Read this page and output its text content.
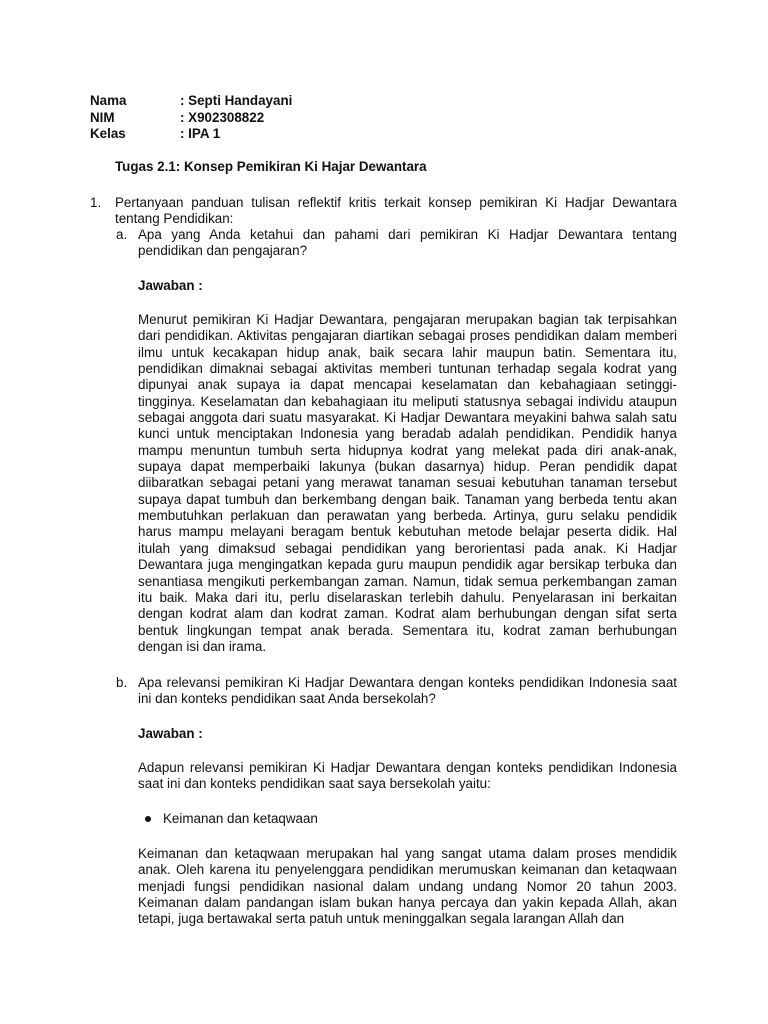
Nama	: Septi Handayani
NIM	: X902308822
Kelas	: IPA 1
Tugas 2.1: Konsep Pemikiran Ki Hajar Dewantara
1. Pertanyaan panduan tulisan reflektif kritis terkait konsep pemikiran Ki Hadjar Dewantara tentang Pendidikan:
a. Apa yang Anda ketahui dan pahami dari pemikiran Ki Hadjar Dewantara tentang pendidikan dan pengajaran?
Jawaban :
Menurut pemikiran Ki Hadjar Dewantara, pengajaran merupakan bagian tak terpisahkan dari pendidikan. Aktivitas pengajaran diartikan sebagai proses pendidikan dalam memberi ilmu untuk kecakapan hidup anak, baik secara lahir maupun batin. Sementara itu, pendidikan dimaknai sebagai aktivitas memberi tuntunan terhadap segala kodrat yang dipunyai anak supaya ia dapat mencapai keselamatan dan kebahagiaan setinggi-tingginya. Keselamatan dan kebahagiaan itu meliputi statusnya sebagai individu ataupun sebagai anggota dari suatu masyarakat. Ki Hadjar Dewantara meyakini bahwa salah satu kunci untuk menciptakan Indonesia yang beradab adalah pendidikan. Pendidik hanya mampu menuntun tumbuh serta hidupnya kodrat yang melekat pada diri anak-anak, supaya dapat memperbaiki lakunya (bukan dasarnya) hidup. Peran pendidik dapat diibaratkan sebagai petani yang merawat tanaman sesuai kebutuhan tanaman tersebut supaya dapat tumbuh dan berkembang dengan baik. Tanaman yang berbeda tentu akan membutuhkan perlakuan dan perawatan yang berbeda. Artinya, guru selaku pendidik harus mampu melayani beragam bentuk kebutuhan metode belajar peserta didik. Hal itulah yang dimaksud sebagai pendidikan yang berorientasi pada anak. Ki Hadjar Dewantara juga mengingatkan kepada guru maupun pendidik agar bersikap terbuka dan senantiasa mengikuti perkembangan zaman. Namun, tidak semua perkembangan zaman itu baik. Maka dari itu, perlu diselaraskan terlebih dahulu. Penyelarasan ini berkaitan dengan kodrat alam dan kodrat zaman. Kodrat alam berhubungan dengan sifat serta bentuk lingkungan tempat anak berada. Sementara itu, kodrat zaman berhubungan dengan isi dan irama.
b. Apa relevansi pemikiran Ki Hadjar Dewantara dengan konteks pendidikan Indonesia saat ini dan konteks pendidikan saat Anda bersekolah?
Jawaban :
Adapun relevansi pemikiran Ki Hadjar Dewantara dengan konteks pendidikan Indonesia saat ini dan konteks pendidikan saat saya bersekolah yaitu:
Keimanan dan ketaqwaan
Keimanan dan ketaqwaan merupakan hal yang sangat utama dalam proses mendidik anak. Oleh karena itu penyelenggara pendidikan merumuskan keimanan dan ketaqwaan menjadi fungsi pendidikan nasional dalam undang undang Nomor 20 tahun 2003. Keimanan dalam pandangan islam bukan hanya percaya dan yakin kepada Allah, akan tetapi, juga bertawakal serta patuh untuk meninggalkan segala larangan Allah dan
